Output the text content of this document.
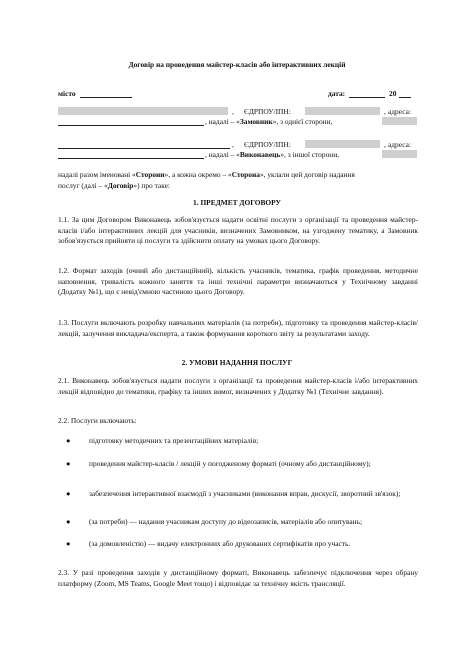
Договір на проведення майстер-класів або інтерактивних лекцій
місто	дата:	20
, ЄДРПОУ/ІПН:	, адреса:
, надалі – «Замовник», з однієї сторони,
, ЄДРПОУ/ІПН:	, адреса:
, надалі – «Виконавець», з іншої сторони,
надалі разом іменовані «Сторони», а кожна окремо – «Сторона», уклали цей договір надання
послуг (далі – «Договір») про таке:
1. ПРЕДМЕТ ДОГОВОРУ
1.1. За цим Договором Виконавець зобов'язується надати освітні послуги з організації та проведення майстер-класів і/або інтерактивних лекцій для учасників, визначених Замовником, на узгоджену тематику, а Замовник зобов'язується прийняти ці послуги та здійснити оплату на умовах цього Договору.
1.2. Формат заходів (очний або дистанційний), кількість учасників, тематика, графік проведення, методичне наповнення, тривалість кожного заняття та інші технічні параметри визначаються у Технічному завданні (Додатку №1), що є невід'ємною частиною цього Договору.
1.3. Послуги включають розробку навчальних матеріалів (за потреби), підготовку та проведення майстер-класів/лекцій, залучення викладача/експерта, а також формування короткого звіту за результатами заходу.
2. УМОВИ НАДАННЯ ПОСЛУГ
2.1. Виконавець зобов'язується надати послуги з організації та проведення майстер-класів і/або інтерактивних лекцій відповідно до тематики, графіку та інших вимог, визначених у Додатку №1 (Технічне завдання).
2.2. Послуги включають:
●	підготовку методичних та презентаційних матеріалів;
●	проведення майстер-класів / лекцій у погодженому форматі (очному або дистанційному);
●	забезпечення інтерактивної взаємодії з учасниками (виконання вправ, дискусії, зворотний зв'язок);
●	(за потреби) — надання учасникам доступу до відеозаписів, матеріалів або опитувань;
●	(за домовленістю) — видачу електронних або друкованих сертифікатів про участь.
2.3. У разі проведення заходів у дистанційному форматі, Виконавець забезпечує підключення через обрану платформу (Zoom, MS Teams, Google Meet тощо) і відповідає за технічну якість трансляції.
